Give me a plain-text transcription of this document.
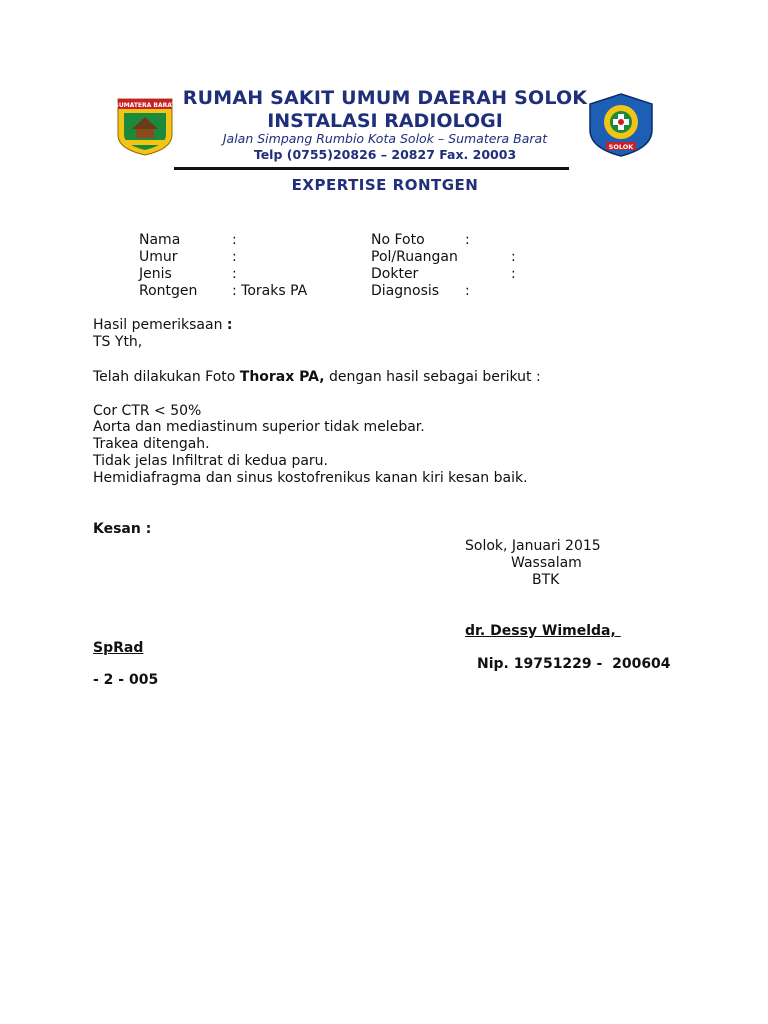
SUMATERA BARAT
SOLOK
RUMAH SAKIT UMUM DAERAH SOLOK
INSTALASI RADIOLOGI
Jalan Simpang Rumbio Kota Solok – Sumatera Barat
Telp (0755)20826 – 20827 Fax. 20003
EXPERTISE RONTGEN
Nama	:
Umur	:
Jenis	:
Rontgen : Toraks PA
No Foto	:
Pol/Ruangan	:
Dokter	:
Diagnosis :
Hasil pemeriksaan :
TS Yth,
Telah dilakukan Foto Thorax PA, dengan hasil sebagai berikut :
Cor CTR < 50%
Aorta dan mediastinum superior tidak melebar.
Trakea ditengah.
Tidak jelas Infiltrat di kedua paru.
Hemidiafragma dan sinus kostofrenikus kanan kiri kesan baik.
Kesan :
Solok, Januari 2015
Wassalam
BTK
dr. Dessy Wimelda,
SpRad
Nip. 19751229 -  200604
- 2 - 005
